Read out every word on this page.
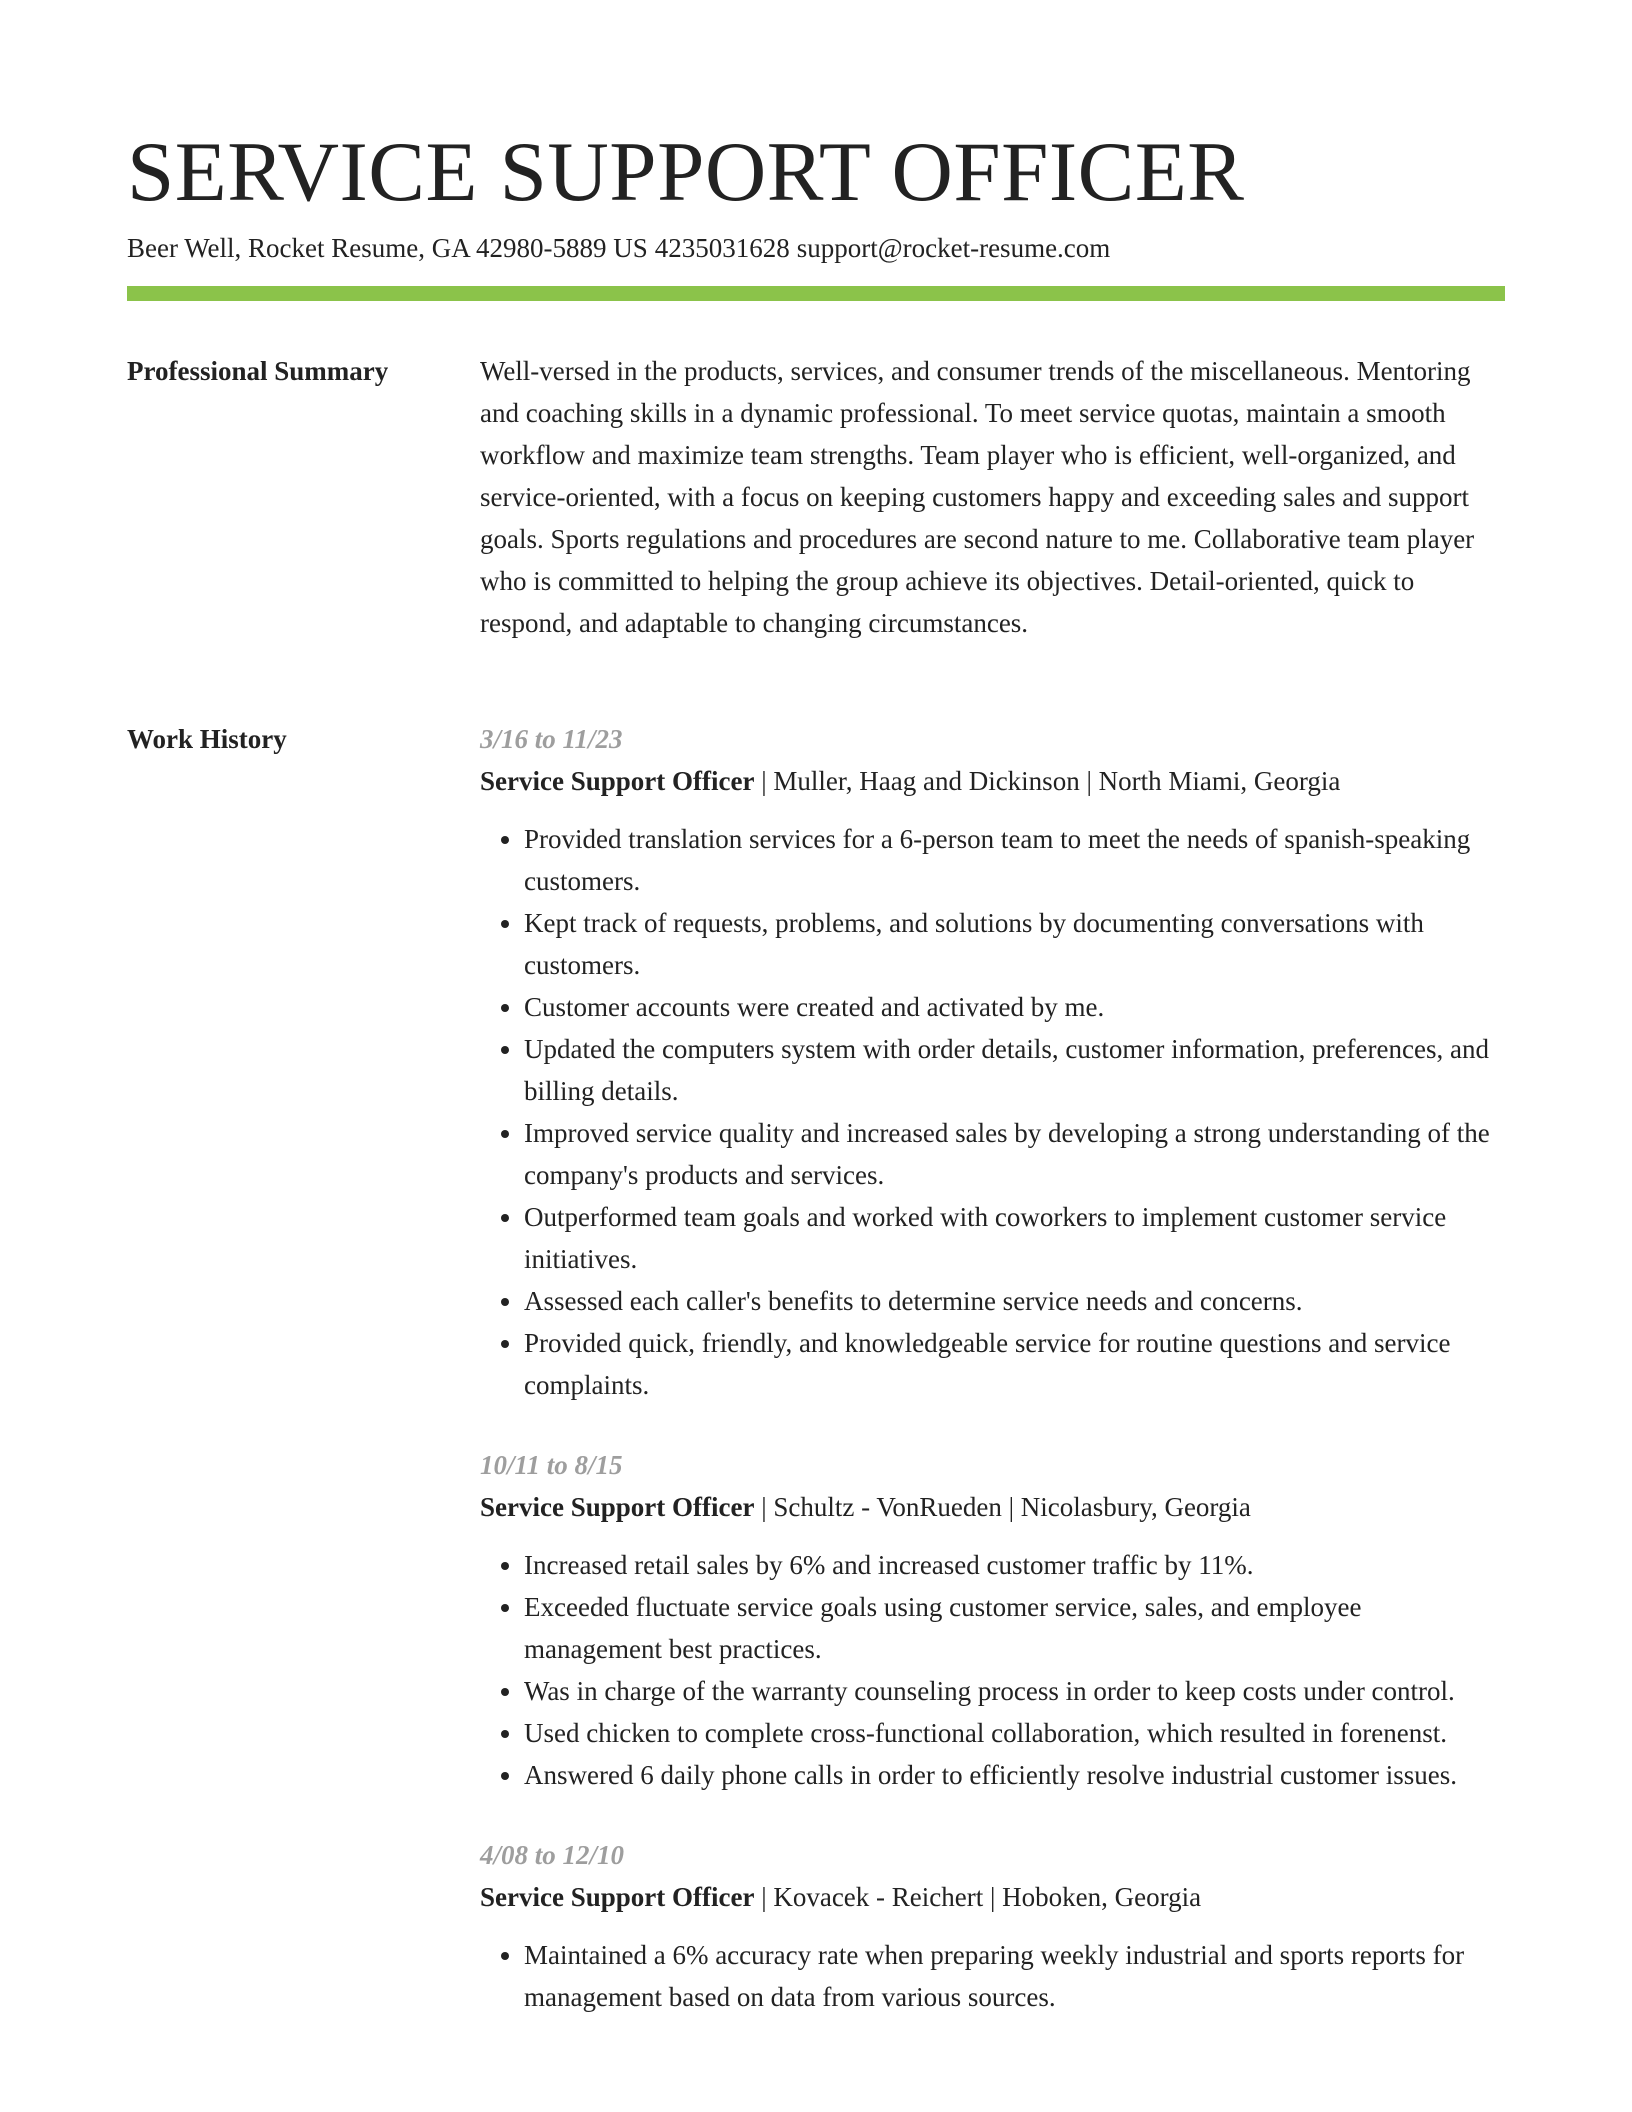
SERVICE SUPPORT OFFICER
Beer Well, Rocket Resume, GA 42980-5889 US 4235031628 support@rocket-resume.com
Professional Summary	Well-versed in the products, services, and consumer trends of the miscellaneous. Mentoring and coaching skills in a dynamic professional. To meet service quotas, maintain a smooth workflow and maximize team strengths. Team player who is efficient, well-organized, and service-oriented, with a focus on keeping customers happy and exceeding sales and support goals. Sports regulations and procedures are second nature to me. Collaborative team player who is committed to helping the group achieve its objectives. Detail-oriented, quick to respond, and adaptable to changing circumstances.

Work History	3/16 to 11/23
Service Support Officer | Muller, Haag and Dickinson | North Miami, Georgia
• Provided translation services for a 6-person team to meet the needs of spanish-speaking customers.
• Kept track of requests, problems, and solutions by documenting conversations with customers.
• Customer accounts were created and activated by me.
• Updated the computers system with order details, customer information, preferences, and billing details.
• Improved service quality and increased sales by developing a strong understanding of the company's products and services.
• Outperformed team goals and worked with coworkers to implement customer service initiatives.
• Assessed each caller's benefits to determine service needs and concerns.
• Provided quick, friendly, and knowledgeable service for routine questions and service complaints.
10/11 to 8/15
Service Support Officer | Schultz - VonRueden | Nicolasbury, Georgia
• Increased retail sales by 6% and increased customer traffic by 11%.
• Exceeded fluctuate service goals using customer service, sales, and employee management best practices.
• Was in charge of the warranty counseling process in order to keep costs under control.
• Used chicken to complete cross-functional collaboration, which resulted in forenenst.
• Answered 6 daily phone calls in order to efficiently resolve industrial customer issues.
4/08 to 12/10
Service Support Officer | Kovacek - Reichert | Hoboken, Georgia
• Maintained a 6% accuracy rate when preparing weekly industrial and sports reports for management based on data from various sources.
